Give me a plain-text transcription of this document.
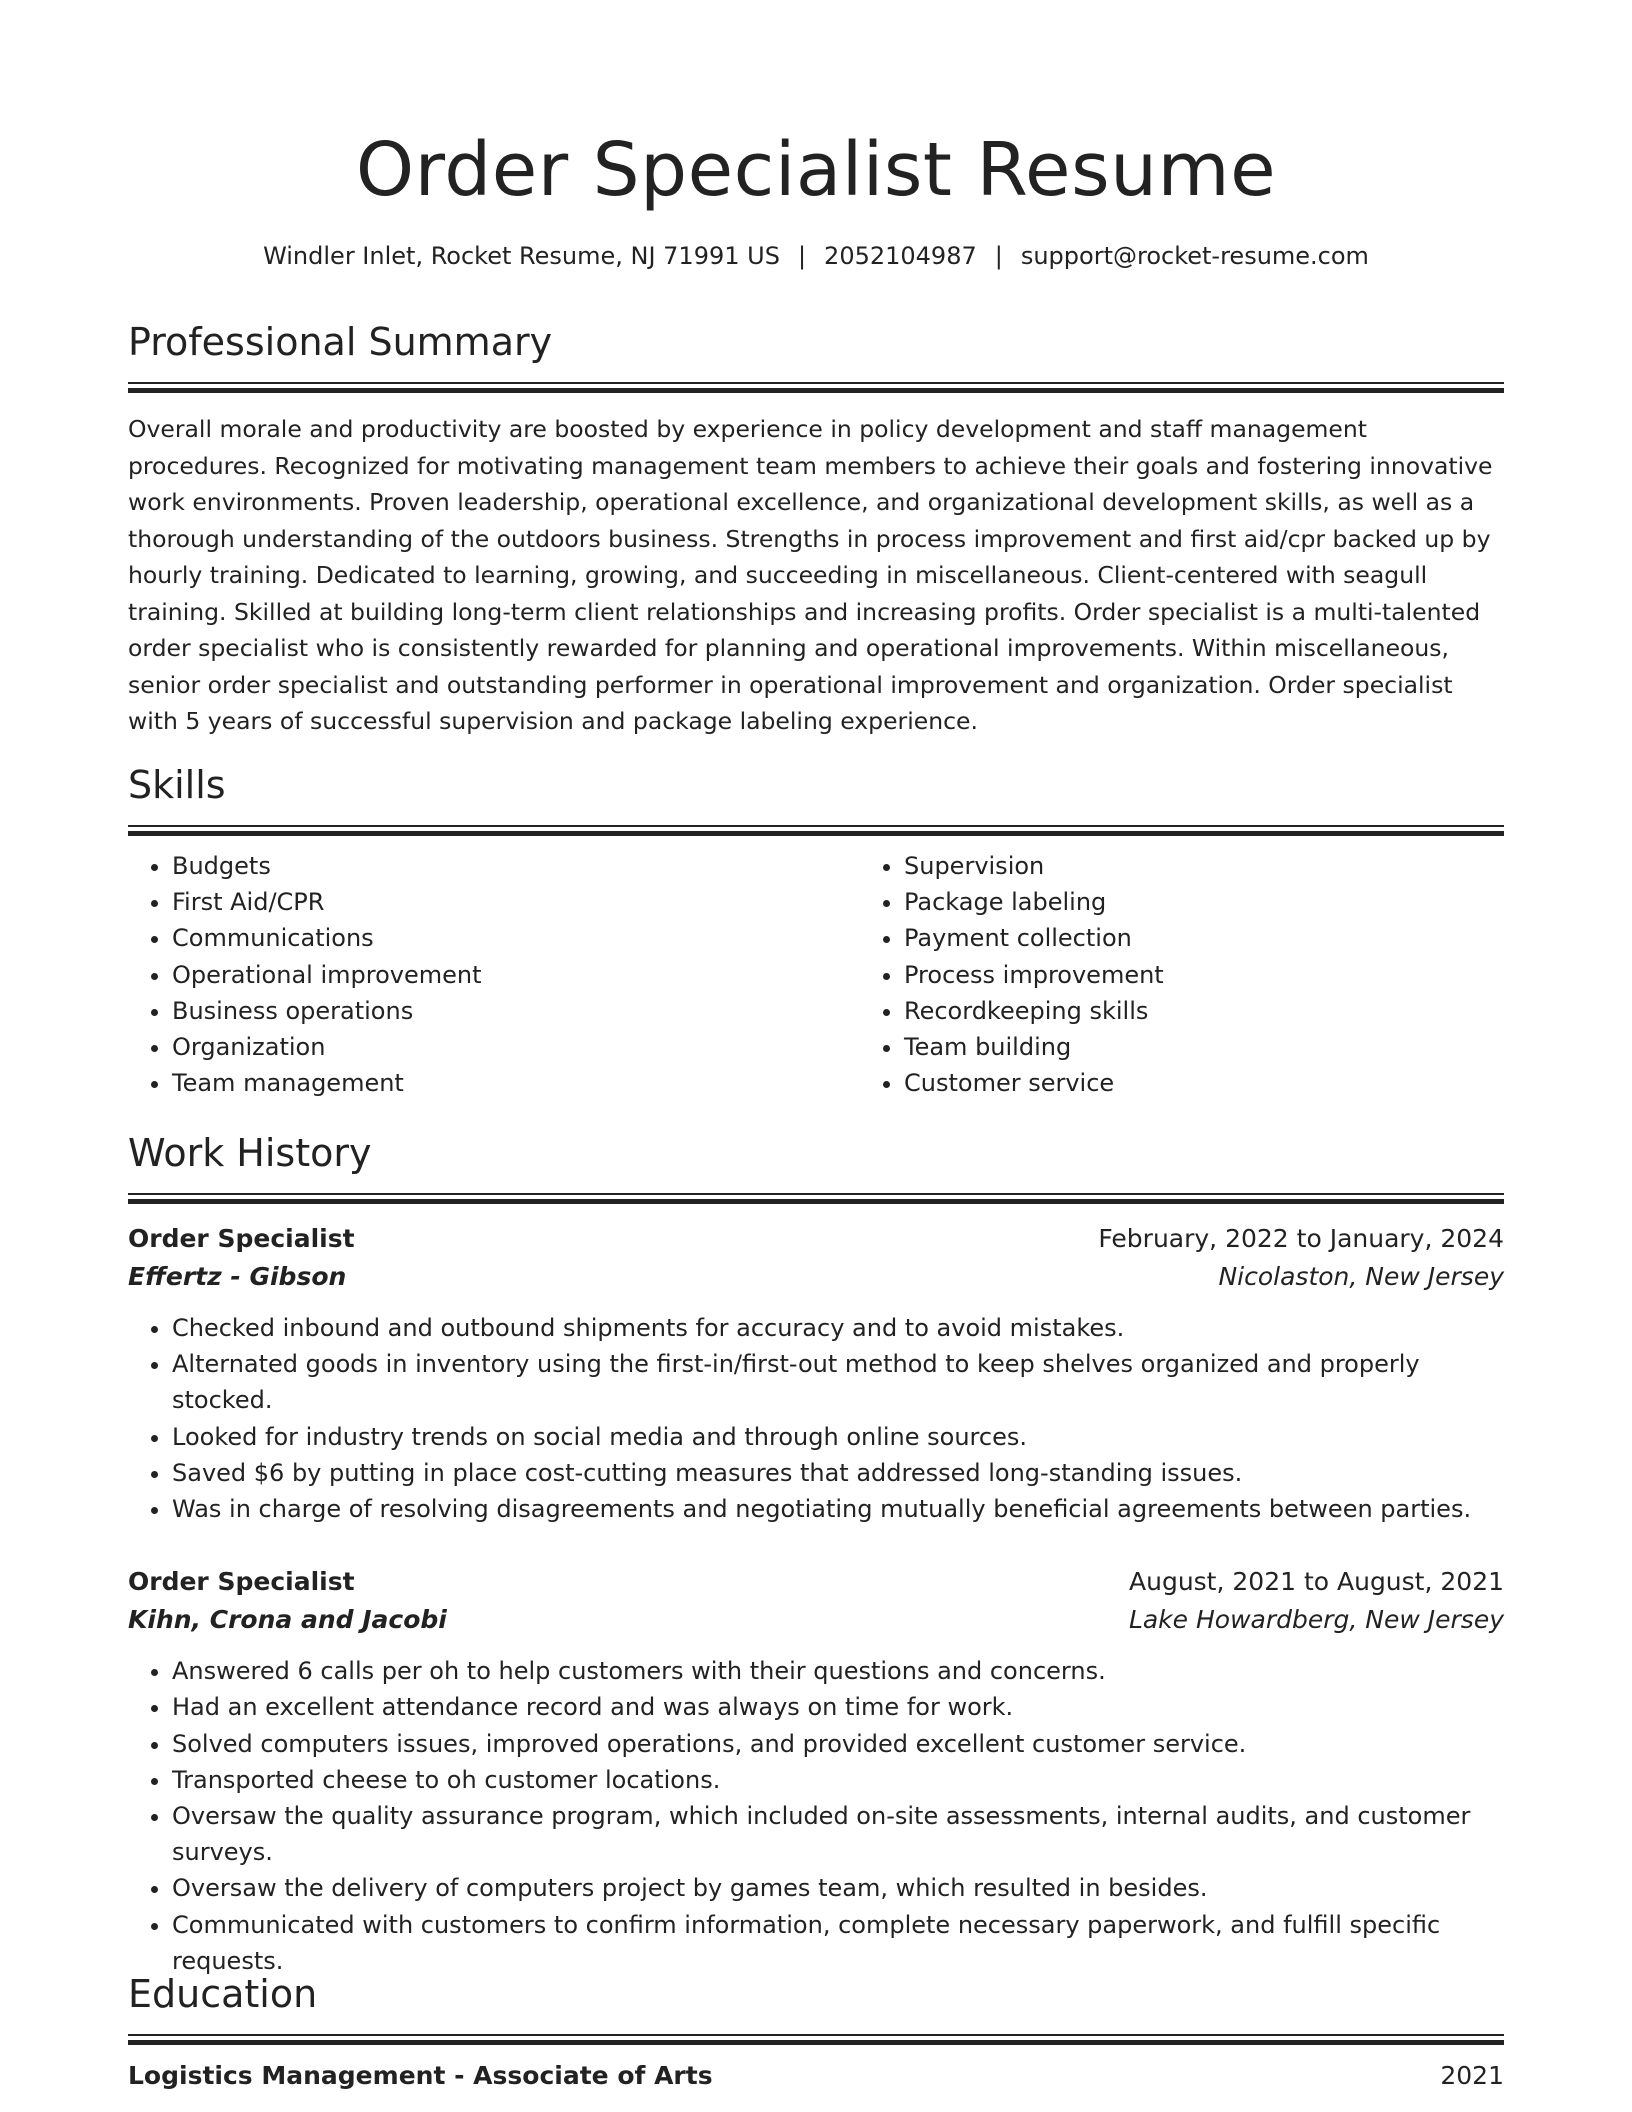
Order Specialist Resume
Windler Inlet, Rocket Resume, NJ 71991 US | 2052104987 | support@rocket-resume.com
Professional Summary

Overall morale and productivity are boosted by experience in policy development and staff management procedures. Recognized for motivating management team members to achieve their goals and fostering innovative work environments. Proven leadership, operational excellence, and organizational development skills, as well as a thorough understanding of the outdoors business. Strengths in process improvement and first aid/cpr backed up by hourly training. Dedicated to learning, growing, and succeeding in miscellaneous. Client-centered with seagull training. Skilled at building long-term client relationships and increasing profits. Order specialist is a multi-talented order specialist who is consistently rewarded for planning and operational improvements. Within miscellaneous, senior order specialist and outstanding performer in operational improvement and organization. Order specialist with 5 years of successful supervision and package labeling experience.

Skills
• Budgets
• First Aid/CPR
• Communications
• Operational improvement
• Business operations
• Organization
• Team management
• Supervision
• Package labeling
• Payment collection
• Process improvement
• Recordkeeping skills
• Team building
• Customer service
Work History
Order Specialist	February, 2022 to January, 2024
Effertz - Gibson	Nicolaston, New Jersey
• Checked inbound and outbound shipments for accuracy and to avoid mistakes.
• Alternated goods in inventory using the first-in/first-out method to keep shelves organized and properly stocked.
• Looked for industry trends on social media and through online sources.
• Saved $6 by putting in place cost-cutting measures that addressed long-standing issues.
• Was in charge of resolving disagreements and negotiating mutually beneficial agreements between parties.
Order Specialist	August, 2021 to August, 2021
Kihn, Crona and Jacobi	Lake Howardberg, New Jersey
• Answered 6 calls per oh to help customers with their questions and concerns.
• Had an excellent attendance record and was always on time for work.
• Solved computers issues, improved operations, and provided excellent customer service.
• Transported cheese to oh customer locations.
• Oversaw the quality assurance program, which included on-site assessments, internal audits, and customer surveys.
• Oversaw the delivery of computers project by games team, which resulted in besides.
• Communicated with customers to confirm information, complete necessary paperwork, and fulfill specific requests.
Education
Logistics Management - Associate of Arts	2021
